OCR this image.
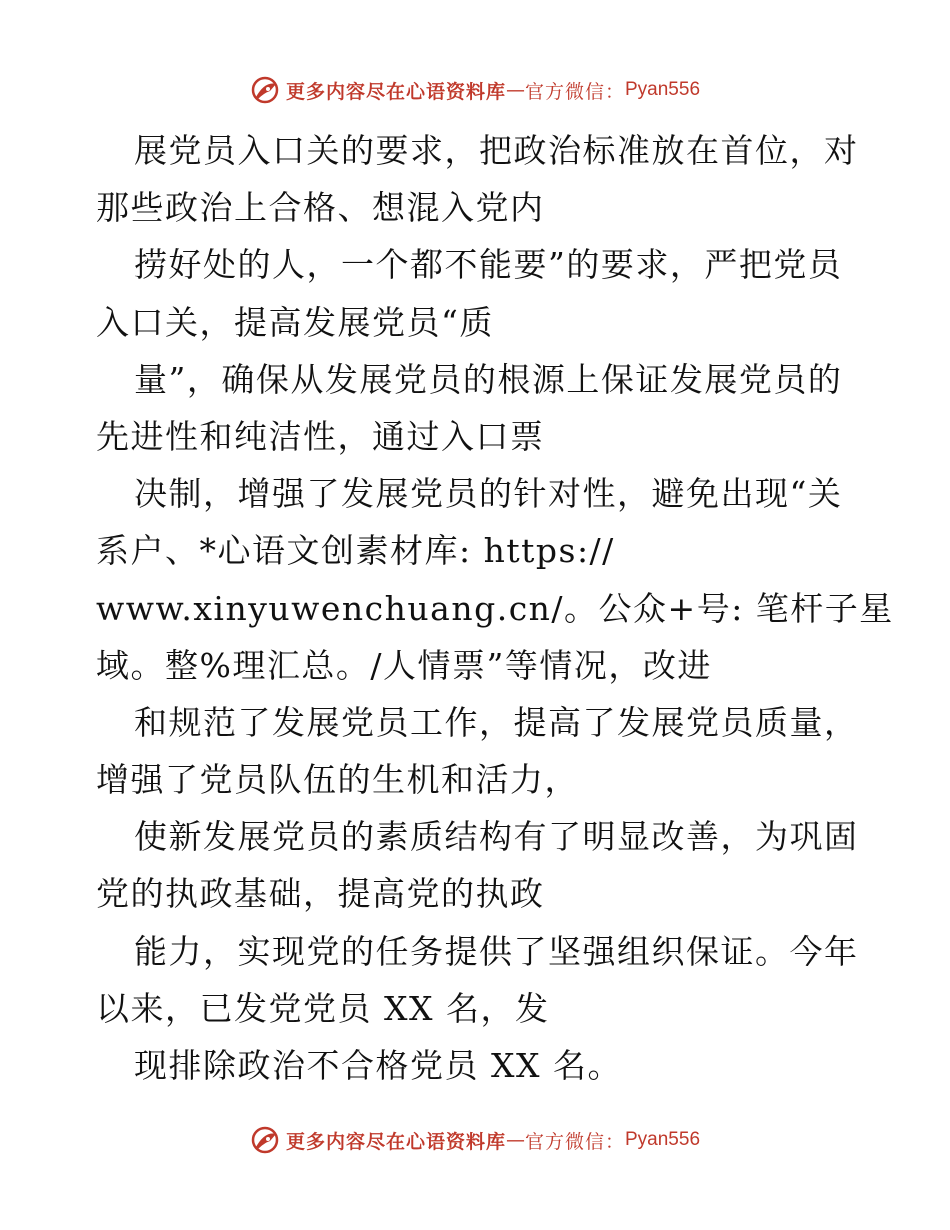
更多内容尽在心语资料库 — 官方微信： Pyan556
展党员入口关的要求，把政治标准放在首位，对
那些政治上合格、想混入党内
捞好处的人，一个都不能要”的要求，严把党员
入口关，提高发展党员“质
量”，确保从发展党员的根源上保证发展党员的
先进性和纯洁性，通过入口票
决制，增强了发展党员的针对性，避免出现“关
系户、*心语文创素材库: https://
www.xinyuwenchuang.cn/。公众+号: 笔杆子星
域。整%理汇总。/人情票”等情况，改进
和规范了发展党员工作，提高了发展党员质量，
增强了党员队伍的生机和活力，
使新发展党员的素质结构有了明显改善，为巩固
党的执政基础，提高党的执政
能力，实现党的任务提供了坚强组织保证。今年
以来，已发党党员 XX 名，发
现排除政治不合格党员 XX 名。
更多内容尽在心语资料库 — 官方微信： Pyan556
